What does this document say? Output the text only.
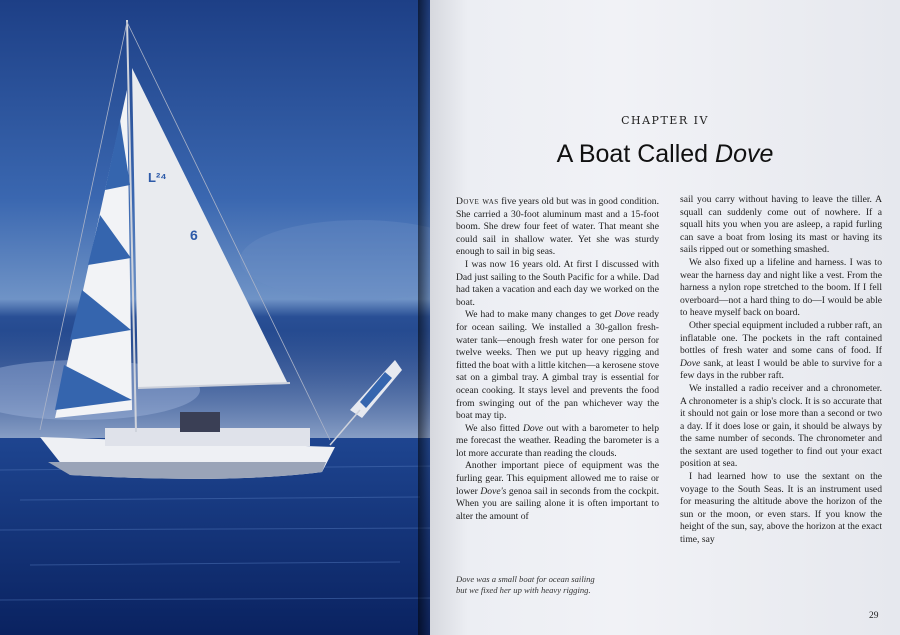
L²⁴
6
CHAPTER IV
A Boat Called Dove

Dove was five years old but was in good condition. She carried a 30-foot aluminum mast and a 15-foot boom. She drew four feet of water. That meant she could sail in shallow water. Yet she was sturdy enough to sail in big seas.

I was now 16 years old. At first I discussed with Dad just sailing to the South Pacific for a while. Dad had taken a vacation and each day we worked on the boat.

We had to make many changes to get Dove ready for ocean sailing. We installed a 30-gallon fresh-water tank—enough fresh water for one person for twelve weeks. Then we put up heavy rigging and fitted the boat with a little kitchen—a kerosene stove sat on a gimbal tray. A gimbal tray is essential for ocean cooking. It stays level and prevents the food from swinging out of the pan whichever way the boat may tip.

We also fitted Dove out with a barometer to help me forecast the weather. Reading the barometer is a lot more accurate than reading the clouds.

Another important piece of equipment was the furling gear. This equipment allowed me to raise or lower Dove's genoa sail in seconds from the cockpit. When you are sailing alone it is often important to alter the amount of

sail you carry without having to leave the tiller. A squall can suddenly come out of nowhere. If a squall hits you when you are asleep, a rapid furling can save a boat from losing its mast or having its sails ripped out or something smashed.

We also fixed up a lifeline and harness. I was to wear the harness day and night like a vest. From the harness a nylon rope stretched to the boom. If I fell overboard—not a hard thing to do—I would be able to heave myself back on board.

Other special equipment included a rubber raft, an inflatable one. The pockets in the raft contained bottles of fresh water and some cans of food. If Dove sank, at least I would be able to survive for a few days in the rubber raft.

We installed a radio receiver and a chronometer. A chronometer is a ship's clock. It is so accurate that it should not gain or lose more than a second or two a day. If it does lose or gain, it should be always by the same number of seconds. The chronometer and the sextant are used together to find out your exact position at sea.

I had learned how to use the sextant on the voyage to the South Seas. It is an instrument used for measuring the altitude above the horizon of the sun or the moon, or even stars. If you know the height of the sun, say, above the horizon at the exact time, say

Dove was a small boat for ocean sailing
but we fixed her up with heavy rigging.
29
